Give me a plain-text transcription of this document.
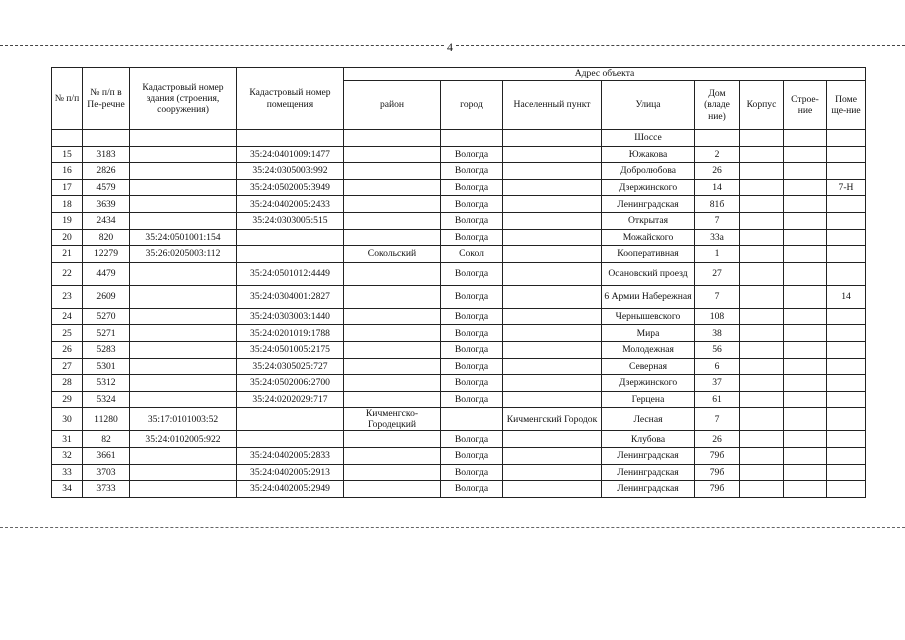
4
№ п/п	№ п/п в Пе-речне	Кадастровый номер здания (строения, сооружения)	Кадастровый номер помещения	Адрес объекта							
				район	город	Населенный пункт	Улица	Дом (владе ние)	Корпус	Строе-ние	Поме ще-ние
							Шоссе				
15	3183		35:24:0401009:1477		Вологда		Южакова	2			
16	2826		35:24:0305003:992		Вологда		Добролюбова	26			
17	4579		35:24:0502005:3949		Вологда		Дзержинского	14			7-Н
18	3639		35:24:0402005:2433		Вологда		Ленинградская	81б			
19	2434		35:24:0303005:515		Вологда		Открытая	7			
20	820	35:24:0501001:154			Вологда		Можайского	33а			
21	12279	35:26:0205003:112		Сокольский	Сокол		Кооперативная	1			
22	4479		35:24:0501012:4449		Вологда		Осановский проезд	27			
23	2609		35:24:0304001:2827		Вологда		6 Армии Набережная	7			14
24	5270		35:24:0303003:1440		Вологда		Чернышевского	108			
25	5271		35:24:0201019:1788		Вологда		Мира	38			
26	5283		35:24:0501005:2175		Вологда		Молодежная	56			
27	5301		35:24:0305025:727		Вологда		Северная	6			
28	5312		35:24:0502006:2700		Вологда		Дзержинского	37			
29	5324		35:24:0202029:717		Вологда		Герцена	61			
30	11280	35:17:0101003:52		Кичменгско-Городецкий		Кичменгский Городок	Лесная	7			
31	82	35:24:0102005:922			Вологда		Клубова	26			
32	3661		35:24:0402005:2833		Вологда		Ленинградская	79б			
33	3703		35:24:0402005:2913		Вологда		Ленинградская	79б			
34	3733		35:24:0402005:2949		Вологда		Ленинградская	79б			
